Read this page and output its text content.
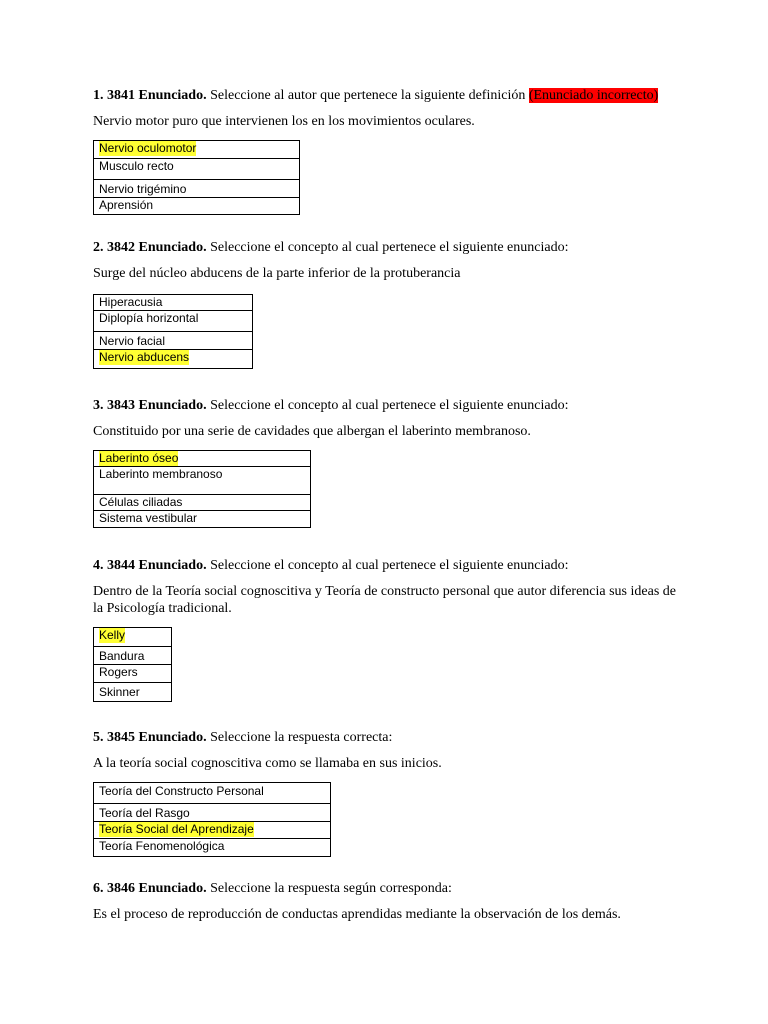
1. 3841 Enunciado. Seleccione al autor que pertenece la siguiente definición (Enunciado incorrecto)

Nervio motor puro que intervienen los en los movimientos oculares.

Nervio oculomotor
Musculo recto
Nervio trigémino
Aprensión

2. 3842 Enunciado. Seleccione el concepto al cual pertenece el siguiente enunciado:

Surge del núcleo abducens de la parte inferior de la protuberancia

Hiperacusia
Diplopía horizontal
Nervio facial
Nervio abducens

3. 3843 Enunciado. Seleccione el concepto al cual pertenece el siguiente enunciado:

Constituido por una serie de cavidades que albergan el laberinto membranoso.

Laberinto óseo
Laberinto membranoso
Células ciliadas
Sistema vestibular

4. 3844 Enunciado. Seleccione el concepto al cual pertenece el siguiente enunciado:

Dentro de la Teoría social cognoscitiva y Teoría de constructo personal que autor diferencia sus ideas de la Psicología tradicional.

Kelly
Bandura
Rogers
Skinner

5. 3845 Enunciado. Seleccione la respuesta correcta:

A la teoría social cognoscitiva como se llamaba en sus inicios.

Teoría del Constructo Personal
Teoría del Rasgo
Teoría Social del Aprendizaje
Teoría Fenomenológica

6. 3846 Enunciado. Seleccione la respuesta según corresponda:

Es el proceso de reproducción de conductas aprendidas mediante la observación de los demás.
